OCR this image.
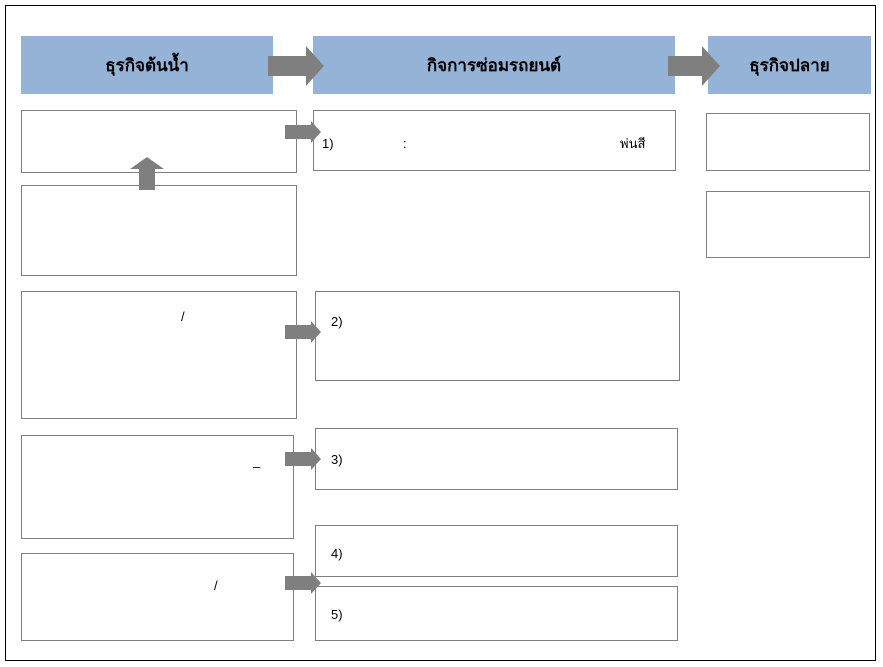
ธุรกิจต้นน้ำ	กิจการซ่อมรถยนต์	ธุรกิจปลาย
/
–
/
1)	:	พ่นสี
2)
3)
4)
5)
